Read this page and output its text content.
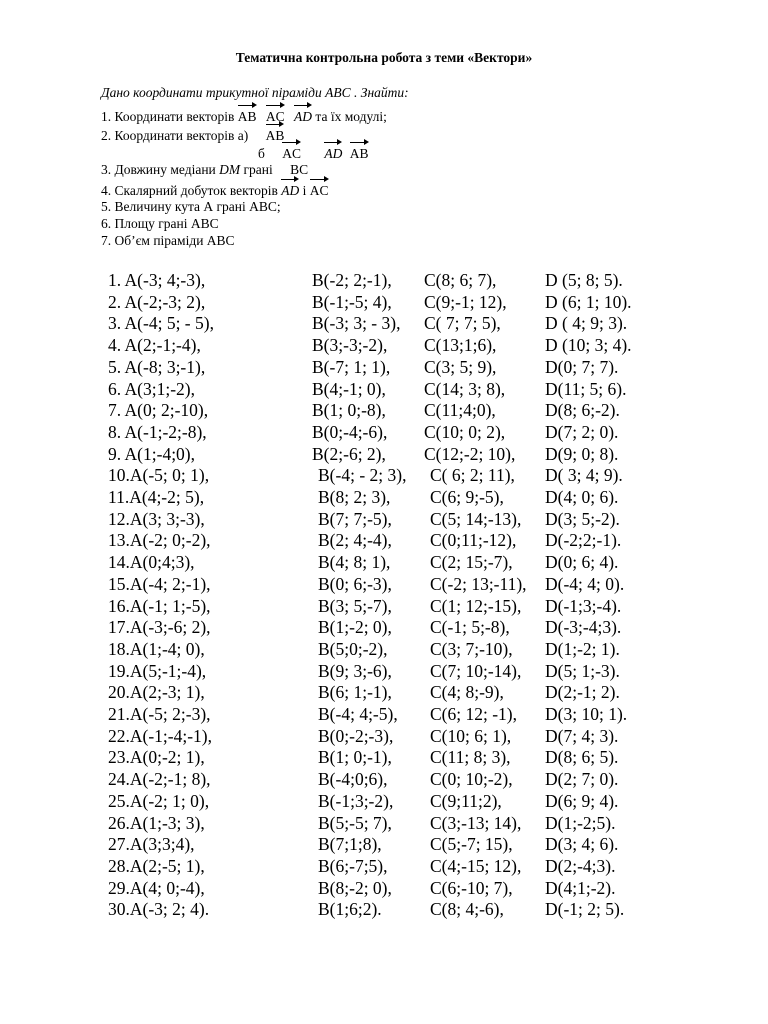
Тематична контрольна робота з теми «Вектори»
Дано координати трикутної піраміди ABC . Знайти:
1. Координати векторів AB AC AD та їх модулі;
2. Координати векторів а) AB
б AC AD AB
3. Довжину медіани DM грані BC
4. Скалярний добуток векторів AD і AC
5. Величину кута А грані АВС;
6. Площу грані АВС
7. Об’єм піраміди АВС
1. A(-3; 4;-3),	B(-2; 2;-1), C(8; 6; 7),	D (5; 8; 5).
2. A(-2;-3; 2),	B(-1;-5; 4), C(9;-1; 12), D (6; 1; 10).
3. A(-4; 5; - 5),	B(-3; 3; - 3), C( 7; 7; 5),	D ( 4; 9; 3).
4. A(2;-1;-4),	B(3;-3;-2), C(13;1;6),	D (10; 3; 4).
5. A(-8; 3;-1),	B(-7; 1; 1), C(3; 5; 9),	D(0; 7; 7).
6. A(3;1;-2),	B(4;-1; 0), C(14; 3; 8), D(11; 5; 6).
7. A(0; 2;-10),	B(1; 0;-8), C(11;4;0),	D(8; 6;-2).
8. A(-1;-2;-8),	B(0;-4;-6), C(10; 0; 2), D(7; 2; 0).
9. A(1;-4;0),	B(2;-6; 2), C(12;-2; 10), D(9; 0; 8).
10.A(-5; 0; 1),	B(-4; - 2; 3), C( 6; 2; 11), D( 3; 4; 9).
11.A(4;-2; 5),	B(8; 2; 3), C(6; 9;-5), D(4; 0; 6).
12.A(3; 3;-3),	B(7; 7;-5), C(5; 14;-13), D(3; 5;-2).
13.A(-2; 0;-2),	B(2; 4;-4), C(0;11;-12), D(-2;2;-1).
14.A(0;4;3),	B(4; 8; 1), C(2; 15;-7), D(0; 6; 4).
15.A(-4; 2;-1),	B(0; 6;-3), C(-2; 13;-11), D(-4; 4; 0).
16.A(-1; 1;-5),	B(3; 5;-7), C(1; 12;-15), D(-1;3;-4).
17.A(-3;-6; 2),	B(1;-2; 0), C(-1; 5;-8), D(-3;-4;3).
18.A(1;-4; 0),	B(5;0;-2), C(3; 7;-10), D(1;-2; 1).
19.A(5;-1;-4),	B(9; 3;-6), C(7; 10;-14), D(5; 1;-3).
20.A(2;-3; 1),	B(6; 1;-1), C(4; 8;-9), D(2;-1; 2).
21.A(-5; 2;-3),	B(-4; 4;-5), C(6; 12; -1), D(3; 10; 1).
22.A(-1;-4;-1),	B(0;-2;-3), C(10; 6; 1), D(7; 4; 3).
23.A(0;-2; 1),	B(1; 0;-1), C(11; 8; 3), D(8; 6; 5).
24.A(-2;-1; 8),	B(-4;0;6), C(0; 10;-2), D(2; 7; 0).
25.A(-2; 1; 0),	B(-1;3;-2), C(9;11;2), D(6; 9; 4).
26.A(1;-3; 3),	B(5;-5; 7), C(3;-13; 14), D(1;-2;5).
27.A(3;3;4),	B(7;1;8),	C(5;-7; 15), D(3; 4; 6).
28.A(2;-5; 1),	B(6;-7;5), C(4;-15; 12), D(2;-4;3).
29.A(4; 0;-4),	B(8;-2; 0), C(6;-10; 7), D(4;1;-2).
30.A(-3; 2; 4).	B(1;6;2).	C(8; 4;-6), D(-1; 2; 5).
